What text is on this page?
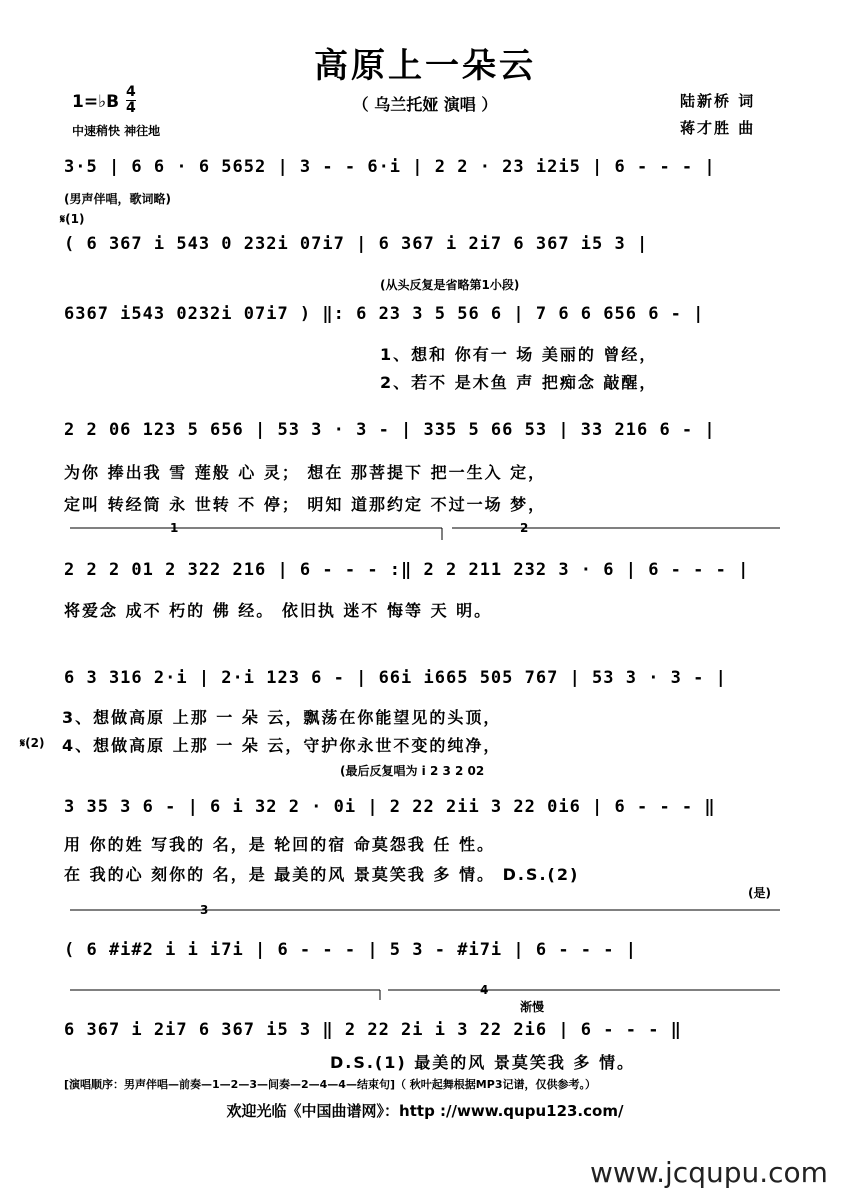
高原上一朵云
（ 乌兰托娅 演唱 ）
1=♭B 4
4
中速稍快 神往地
陆新桥 词
蒋才胜 曲
3·5 | 6 6 · 6 5652 | 3 - - 6·i | 2 2 · 23 i2i5 | 6 - - - |
(男声伴唱，歌词略)
𝄋(1)
( 6 367 i 543 0 232i 07i7 | 6 367 i 2i7 6 367 i5 3 |
(从头反复是省略第1小段)
6367 i543 0232i 07i7 ) ‖: 6 23 3 5 56 6 | 7 6 6 656 6 - |
1、想和 你有一 场 美丽的 曾经，
2、若不 是木鱼 声 把痴念 敲醒，
2 2 06 123 5 656 | 53 3 · 3 - | 335 5 66 53 | 33 216 6 - |
为你 捧出我 雪 莲般 心 灵； 想在 那菩提下 把一生入 定，
定叫 转经筒 永 世转 不 停； 明知 道那约定 不过一场 梦，
1	2
2 2 2 01 2 322 216 | 6 - - - :‖ 2 2 211 232 3 · 6 | 6 - - - |
将爱念 成不 朽的 佛 经。 依旧执 迷不 悔等 天 明。
6 3 316 2·i | 2·i 123 6 - | 66i i665 505 767 | 53 3 · 3 - |
3、想做高原 上那 一 朵 云，飘荡在你能望见的头顶，
4、想做高原 上那 一 朵 云，守护你永世不变的纯净，
𝄋(2)
(最后反复唱为 i 2 3 2 02
3 35 3 6 - | 6 i 32 2 · 0i | 2 22 2ii 3 22 0i6 | 6 - - - ‖
用 你的姓 写我的 名，是 轮回的宿 命莫怨我 任 性。
在 我的心 刻你的 名，是 最美的风 景莫笑我 多 情。 D.S.(2)
(是)
3
( 6 #i#2 i i i7i | 6 - - - | 5 3 - #i7i | 6 - - - |
4
渐慢
6 367 i 2i7 6 367 i5 3 ‖ 2 22 2i i 3 22 2i6 | 6 - - - ‖
D.S.(1) 最美的风 景莫笑我 多 情。
[演唱顺序：男声伴唱—前奏—1—2—3—间奏—2—4—4—结束句]（ 秋叶起舞根据MP3记谱，仅供参考。）
欢迎光临《中国曲谱网》：http ://www.qupu123.com/
www.jcqupu.com
